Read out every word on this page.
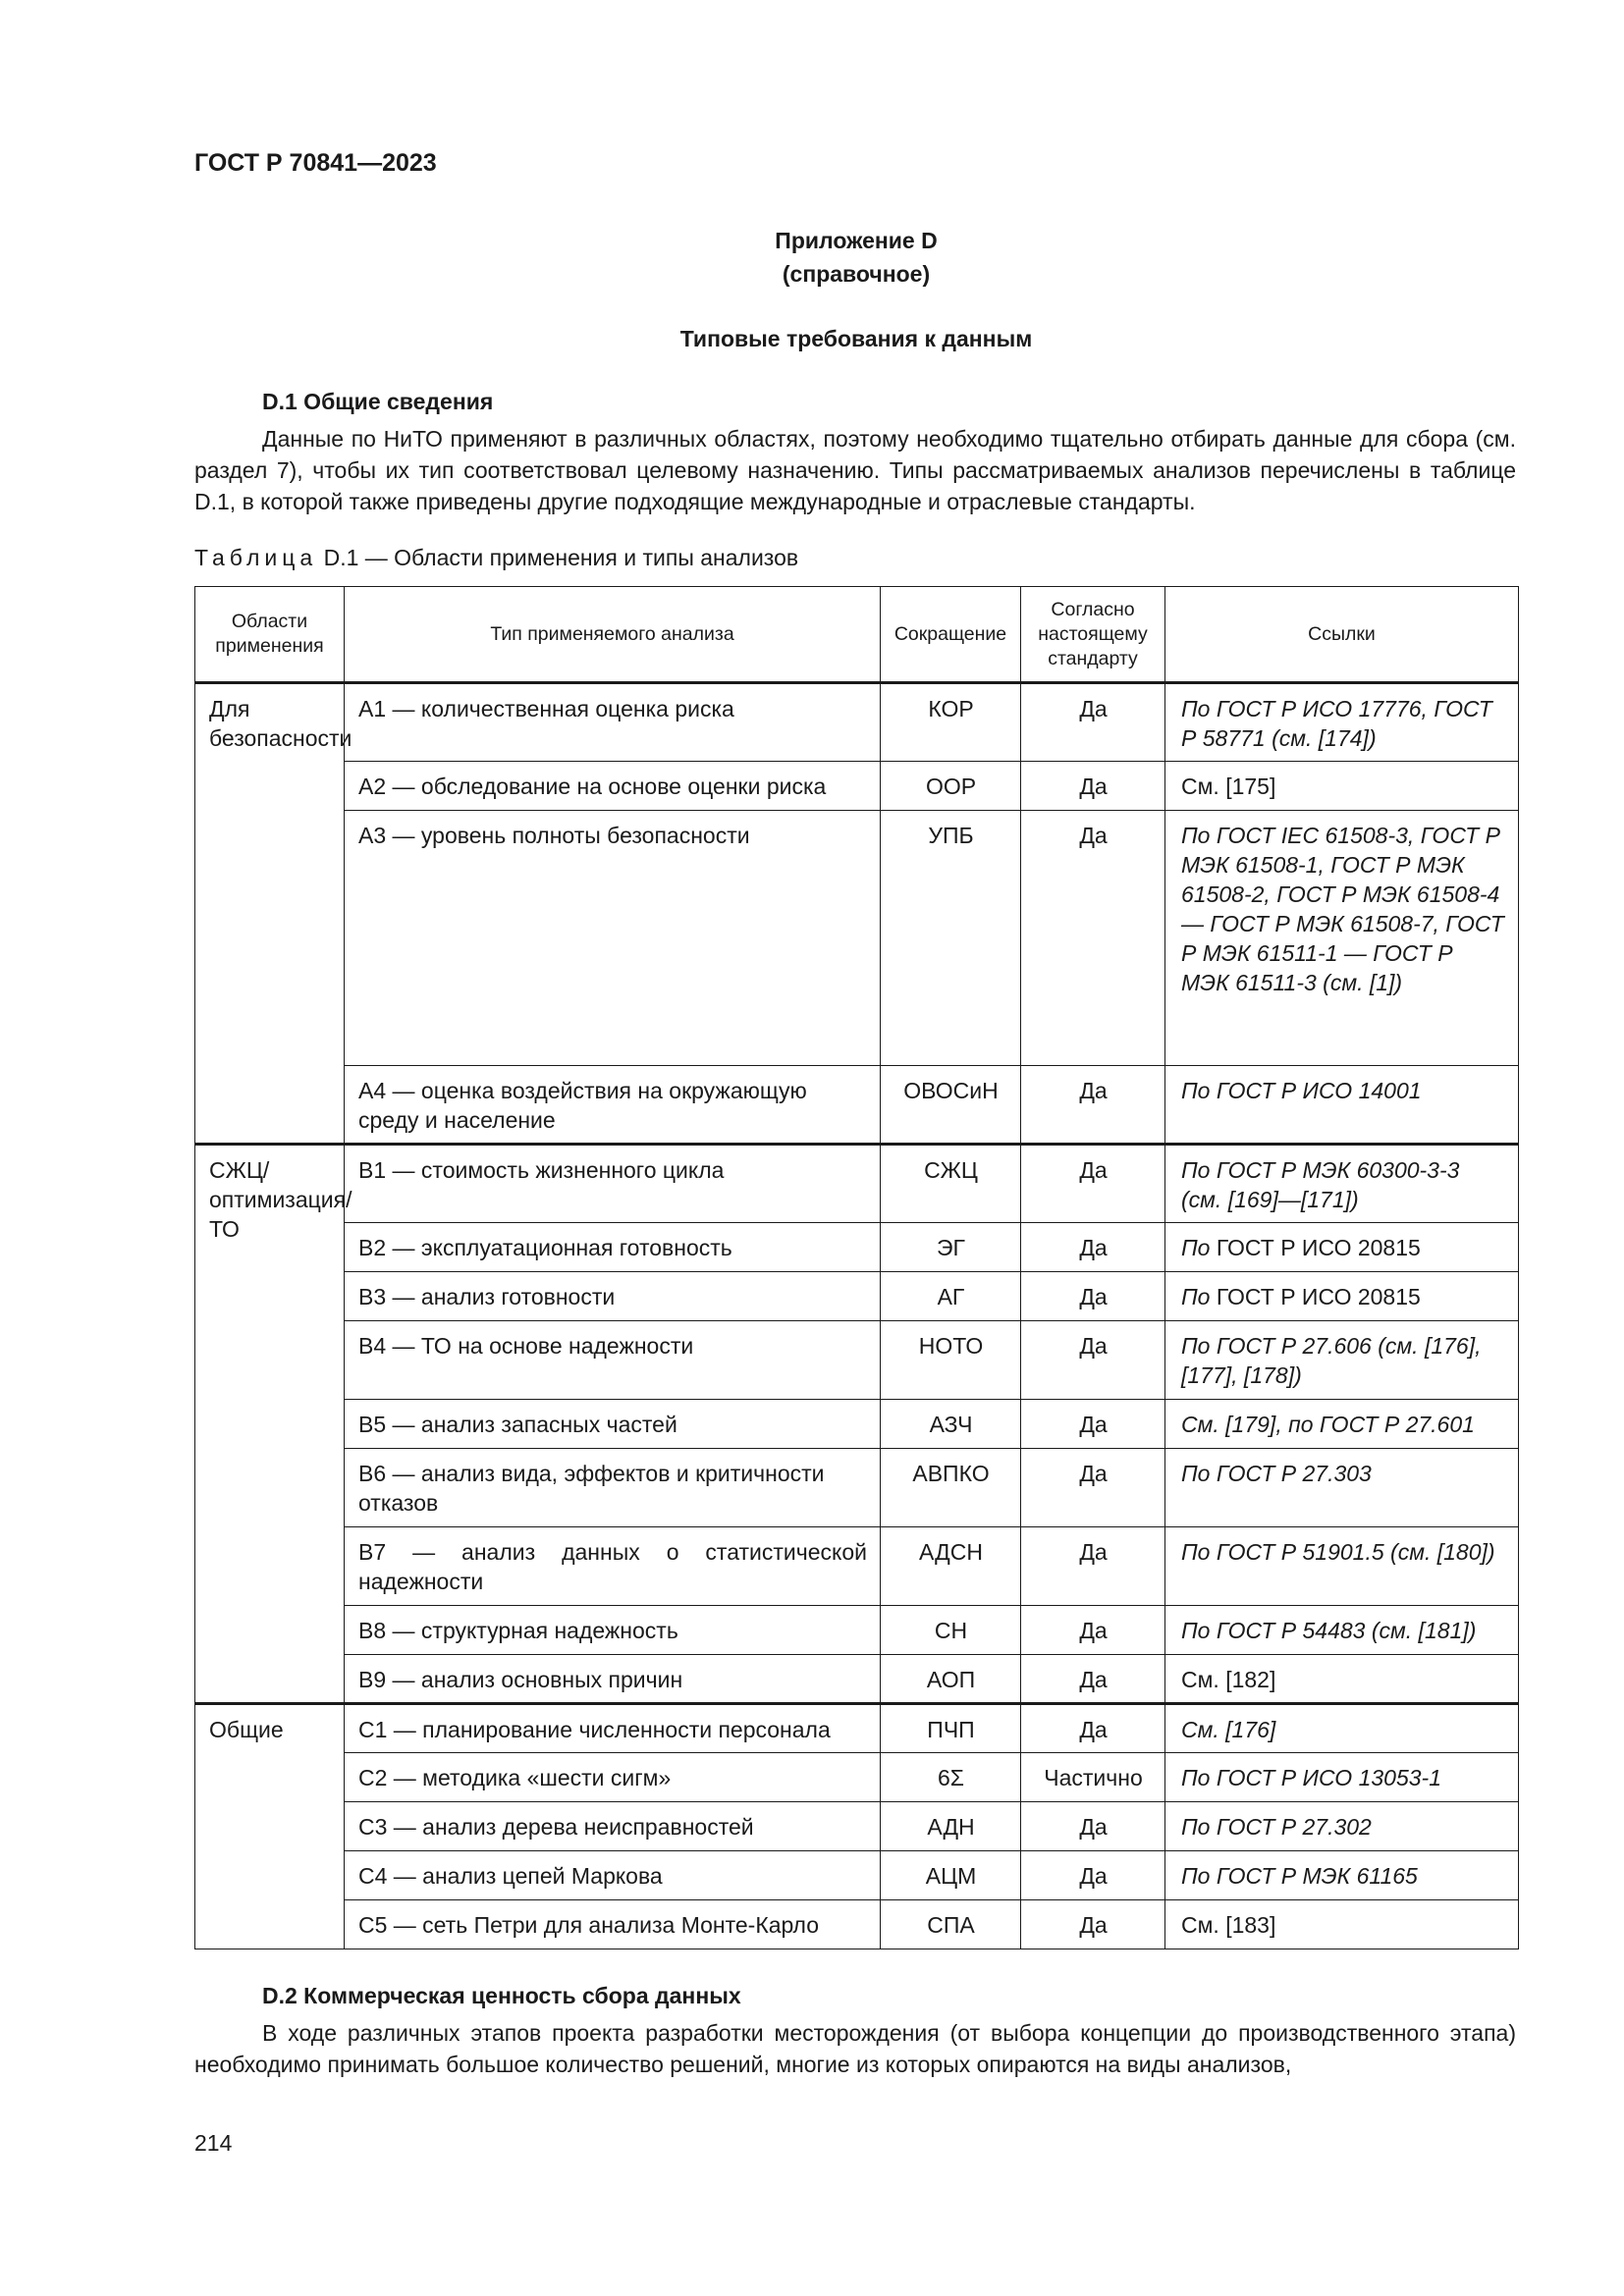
ГОСТ Р 70841—2023
Приложение D
(справочное)
Типовые требования к данным
D.1 Общие сведения

Данные по НиТО применяют в различных областях, поэтому необходимо тщательно отбирать данные для сбора (см. раздел 7), чтобы их тип соответствовал целевому назначению. Типы рассматриваемых анализов перечислены в таблице D.1, в которой также приведены другие подходящие международные и отраслевые стандарты.

Таблица D.1 — Области применения и типы анализов
Области применения	Тип применяемого анализа	Сокращение	Согласно настоящему стандарту	Ссылки
Для безопасности	A1 — количественная оценка риска	КОР	Да	По ГОСТ Р ИСО 17776, ГОСТ Р 58771 (см. [174])
	А2 — обследование на основе оценки риска	ООР	Да	См. [175]
	А3 — уровень полноты безопасности	УПБ	Да	По ГОСТ IEC 61508-3, ГОСТ Р МЭК 61508-1, ГОСТ Р МЭК 61508-2, ГОСТ Р МЭК 61508-4 — ГОСТ Р МЭК 61508-7, ГОСТ Р МЭК 61511-1 — ГОСТ Р МЭК 61511-3 (см. [1])
	А4 — оценка воздействия на окружающую среду и население	ОВОСиН	Да	По ГОСТ Р ИСО 14001
СЖЦ/ оптимизация/ТО	B1 — стоимость жизненного цикла	СЖЦ	Да	По ГОСТ Р МЭК 60300-3-3 (см. [169]—[171])
	B2 — эксплуатационная готовность	ЭГ	Да	По ГОСТ Р ИСО 20815
	B3 — анализ готовности	АГ	Да	По ГОСТ Р ИСО 20815
	B4 — ТО на основе надежности	НОТО	Да	По ГОСТ Р 27.606 (см. [176], [177], [178])
	B5 — анализ запасных частей	АЗЧ	Да	См. [179], по ГОСТ Р 27.601
	B6 — анализ вида, эффектов и критичности отказов	АВПКО	Да	По ГОСТ Р 27.303
	B7 — анализ данных о статистической надежности	АДСН	Да	По ГОСТ Р 51901.5 (см. [180])
	B8 — структурная надежность	СН	Да	По ГОСТ Р 54483 (см. [181])
	B9 — анализ основных причин	АОП	Да	См. [182]
Общие	C1 — планирование численности персонала	ПЧП	Да	См. [176]
	C2 — методика «шести сигм»	6Σ	Частично	По ГОСТ Р ИСО 13053-1
	C3 — анализ дерева неисправностей	АДН	Да	По ГОСТ Р 27.302
	C4 — анализ цепей Маркова	АЦМ	Да	По ГОСТ Р МЭК 61165
	C5 — сеть Петри для анализа Монте-Карло	СПА	Да	См. [183]
D.2 Коммерческая ценность сбора данных

В ходе различных этапов проекта разработки месторождения (от выбора концепции до производственного этапа) необходимо принимать большое количество решений, многие из которых опираются на виды анализов,

214
